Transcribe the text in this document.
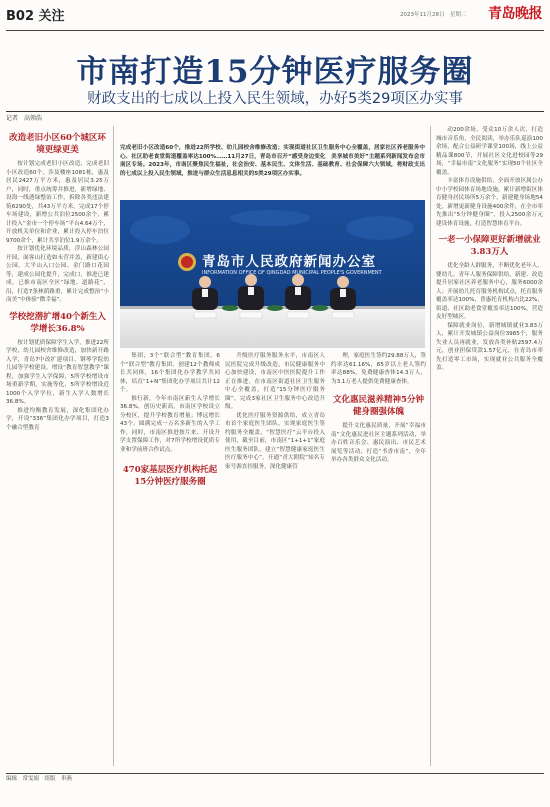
B02 关注	2023年11月28日　星期二 青岛晚报
市南打造15分钟医疗服务圈
财政支出的七成以上投入民生领域，办好5类29项区办实事
记者　高领浩
完成老旧小区改造60个，推进22所学校、幼儿园校舍维修改造；实现街道社区卫生服务中心全覆盖，居家社区养老服务中心、社区助老食堂街道覆盖率达100%……11月27日，青岛市召开“感受身边变化　美享城市美好”主题系列新闻发布会市南区专场。2023年，市南区聚焦民生福祉，社会治安、基本民生、文体生活、基础教育、社会保障六大领域，将财政支出的七成以上投入民生领域，推进与群众生活息息相关的5类29项区办实事。
青岛市人民政府新闻办公室
INFORMATION OFFICE OF QINGDAO MUNICIPAL PEOPLE'S GOVERNMENT
改造老旧小区60个城区环境更绿更美

按计划完成老旧小区改造，完成老旧小区改造60个，涉及楼座1081栋，惠及居民2427万平方米，惠及居民3.25万户，同时，重点统筹并推进，新增绿地、设海一线透绿整治工作，拆除各类违法建筑6290处，共43万平方米，完成17个停车场建设，新增公共泊位2500余个，累计投入“金市一个停车场”平台4.64万个，开放机关单位和企业，累计投入停车泊位9700余个，累计共享泊位1.9万余个。

按计划优化环境品质，浮山森林公园开园，面客山打造如永营并盖，新建街心公园，大平山入口公园、金门路口花园等，建成公园化提升，完成口，推进已建成，已推市南区全区“绿地、道路花”、沿，打造7条林荫路重，累计完成整治“小而美”中体验“微幸福”。

学校挖潜扩增40个新生入学增长36.8%

按计划优质保障学生入学，推进22所学校，幼儿园校舍维修改造，加快新开路入学，青岛7中改扩建项目，钢琴学院幼儿园等学校建设，增设“教育智慧教学”课程，加强学生入学保障，5所学校增设市场重新学期，实施等化，5所学校增设近1000个入学学位，新生入学人数增长36.8%。

推进均衡教育发展，深化集团化办学，开设“336”集团化办学项目，打造3个融合型教育

集团，3个“联合型”教育集团，6个“联合型”教育集团，创建12个教师成长共同体，16个集团化办学教学共同体，培育“1+N”集团化办学项目共计12个。

推行新，今年市南区新生入学增长36.8%，创历史新高，市南区学校设立分校区，提升学校教育增量；博远增长43个，圆满完成一万名多新生的入学工作，同时，市南区推进按片来、开设升学支置保障工作，对7所学校增设优质专业和学前班合作试点。

470家基层医疗机构托起15分钟医疗服务圈

升级医疗服务服务水平，市南区人民医院完成升级改造，市民健康服务中心加快建设，市南区中医医院提升工作正在推进，在市南区街道社区卫生服务中心全覆盖，打造“15分钟医疗服务圈”，完成3家社区卫生服务中心改造升级。

优化医疗服务资源供给，成立青岛市首个家庭医生团队，实现家庭医生签约服务全覆盖，“智慧医疗”云平台投入使用，截至目前，市南区“1+1+1”家庭医生服务团队，建立“智慧健康家庭医生医疗服务中心”，开通“青大附院”知名专家号源直挂服务，深化健康管

理，家庭医生签约29.88万人，签约率达61.16%，65岁以上老人签约率达88%，免费健康查体14.3万人，为3.1万老人提供免费健康查体。

文化惠民滋养精神5分钟健身圈强体魄

提升文化惠民质量，开展“幸福市南”文化惠民进社区主题系列活动，举办百姓音乐会、惠民演出、市民艺术展览等活动，打造“书香市南”，全年举办各类群众文化活动。

动200余场，受众10万余人次，打造城市音乐角，全民阅读，举办乐队巡演100余场，配合公益研学课堂100场，线上公益精品课800节，开展社区文化进校园等29场，“幸福市南”文化服务“实现50个社区全覆盖。

丰富体育设施供给，全面开放区属公办中小学校园体育场地设施，累计新增街区体育健身居民场所5万余个，新建健身场地54处，新增更新健身设施400余件，在全市率先推出“5分钟健身圈”，投入2500余万元建设体育设施，打造智慧体育平台。

一老一小保障更好新增就业3.83万人

优化全龄人群服务，不断优化老年人、婴幼儿、青年人服务保障供给，新建、改造提升居家社区养老服务中心，服务6000余人；开展幼儿托育服务机构试点，托育服务覆盖率达100%，普惠托育机构占比22%，街道、社区助老食堂覆盖率达100%，营造友好型城区。

保障就业岗位，新增城镇就业3.83万人，累计开发城镇公益岗位3985个，服务失业人员再就业，发放各类补贴2597.4万元，创业担保贷款1.57亿元，在青岛市率先打造零工市场，实现就业公共服务全覆盖。

编辑　常雯娟　组版　車燕
